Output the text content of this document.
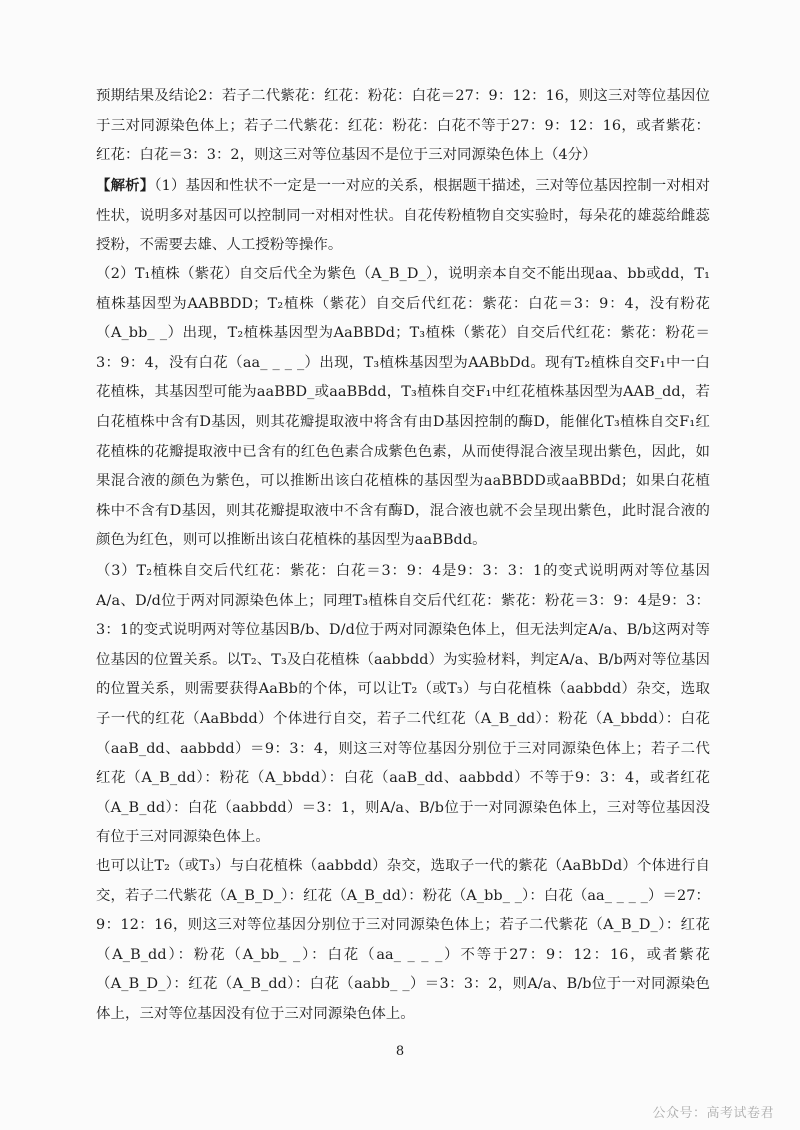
预期结果及结论2：若子二代紫花：红花：粉花：白花＝27：9：12：16，则这三对等位基因位于三对同源染色体上；若子二代紫花：红花：粉花：白花不等于27：9：12：16，或者紫花：红花：白花＝3：3：2，则这三对等位基因不是位于三对同源染色体上（4分）

【解析】（1）基因和性状不一定是一一对应的关系，根据题干描述，三对等位基因控制一对相对性状，说明多对基因可以控制同一对相对性状。自花传粉植物自交实验时，每朵花的雄蕊给雌蕊授粉，不需要去雄、人工授粉等操作。

（2）T₁植株（紫花）自交后代全为紫色（A_B_D_），说明亲本自交不能出现aa、bb或dd，T₁植株基因型为AABBDD；T₂植株（紫花）自交后代红花：紫花：白花＝3：9：4，没有粉花（A_bb_ _）出现，T₂植株基因型为AaBBDd；T₃植株（紫花）自交后代红花：紫花：粉花＝3：9：4，没有白花（aa_ _ _ _）出现，T₃植株基因型为AABbDd。现有T₂植株自交F₁中一白花植株，其基因型可能为aaBBD_或aaBBdd，T₃植株自交F₁中红花植株基因型为AAB_dd，若白花植株中含有D基因，则其花瓣提取液中将含有由D基因控制的酶D，能催化T₃植株自交F₁红花植株的花瓣提取液中已含有的红色色素合成紫色色素，从而使得混合液呈现出紫色，因此，如果混合液的颜色为紫色，可以推断出该白花植株的基因型为aaBBDD或aaBBDd；如果白花植株中不含有D基因，则其花瓣提取液中不含有酶D，混合液也就不会呈现出紫色，此时混合液的颜色为红色，则可以推断出该白花植株的基因型为aaBBdd。

（3）T₂植株自交后代红花：紫花：白花＝3：9：4是9：3：3：1的变式说明两对等位基因A/a、D/d位于两对同源染色体上；同理T₃植株自交后代红花：紫花：粉花＝3：9：4是9：3：3：1的变式说明两对等位基因B/b、D/d位于两对同源染色体上，但无法判定A/a、B/b这两对等位基因的位置关系。以T₂、T₃及白花植株（aabbdd）为实验材料，判定A/a、B/b两对等位基因的位置关系，则需要获得AaBb的个体，可以让T₂（或T₃）与白花植株（aabbdd）杂交，选取子一代的红花（AaBbdd）个体进行自交，若子二代红花（A_B_dd）：粉花（A_bbdd）：白花（aaB_dd、aabbdd）＝9：3：4，则这三对等位基因分别位于三对同源染色体上；若子二代红花（A_B_dd）：粉花（A_bbdd）：白花（aaB_dd、aabbdd）不等于9：3：4，或者红花（A_B_dd）：白花（aabbdd）＝3：1，则A/a、B/b位于一对同源染色体上，三对等位基因没有位于三对同源染色体上。

也可以让T₂（或T₃）与白花植株（aabbdd）杂交，选取子一代的紫花（AaBbDd）个体进行自交，若子二代紫花（A_B_D_）：红花（A_B_dd）：粉花（A_bb_ _）：白花（aa_ _ _ _）＝27：9：12：16，则这三对等位基因分别位于三对同源染色体上；若子二代紫花（A_B_D_）：红花（A_B_dd）：粉花（A_bb_ _）：白花（aa_ _ _ _）不等于27：9：12：16，或者紫花（A_B_D_）：红花（A_B_dd）：白花（aabb_ _）＝3：3：2，则A/a、B/b位于一对同源染色体上，三对等位基因没有位于三对同源染色体上。

8

公众号：高考试卷君
